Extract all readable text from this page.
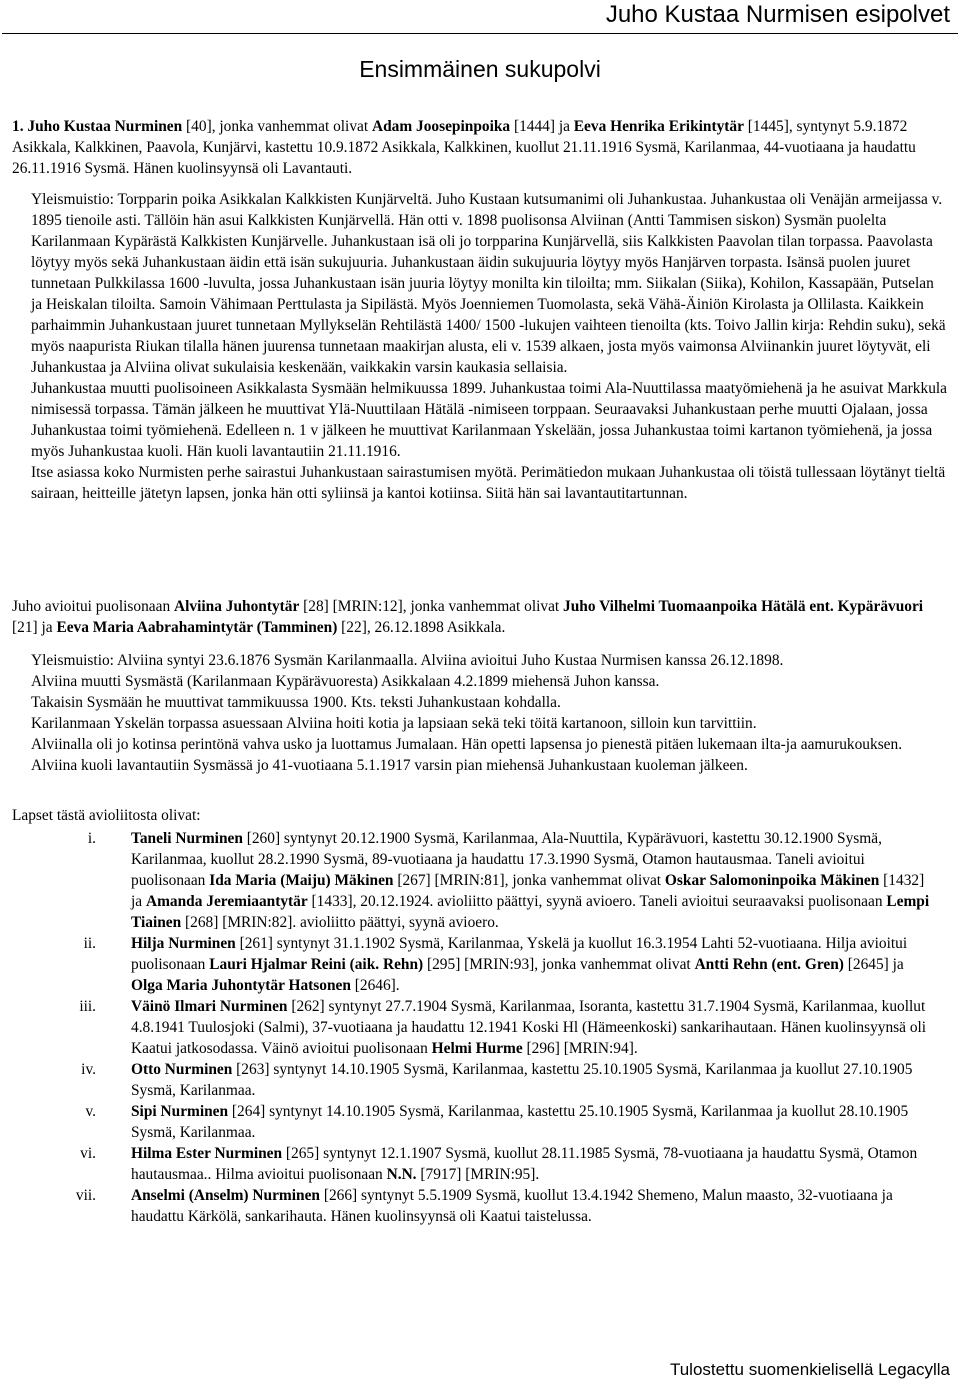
Juho Kustaa Nurmisen esipolvet
Ensimmäinen sukupolvi

1. Juho Kustaa Nurminen [40], jonka vanhemmat olivat Adam Joosepinpoika [1444] ja Eeva Henrika Erikintytär [1445], syntynyt 5.9.1872 Asikkala, Kalkkinen, Paavola, Kunjärvi, kastettu 10.9.1872 Asikkala, Kalkkinen, kuollut 21.11.1916 Sysmä, Karilanmaa, 44-vuotiaana ja haudattu 26.11.1916 Sysmä. Hänen kuolinsyynsä oli Lavantauti.

Yleismuistio: Torpparin poika Asikkalan Kalkkisten Kunjärveltä. Juho Kustaan kutsumanimi oli Juhankustaa. Juhankustaa oli Venäjän armeijassa v. 1895 tienoile asti. Tällöin hän asui Kalkkisten Kunjärvellä. Hän otti v. 1898 puolisonsa Alviinan (Antti Tammisen siskon) Sysmän puolelta Karilanmaan Kypärästä Kalkkisten Kunjärvelle. Juhankustaan isä oli jo torpparina Kunjärvellä, siis Kalkkisten Paavolan tilan torpassa. Paavolasta löytyy myös sekä Juhankustaan äidin että isän sukujuuria. Juhankustaan äidin sukujuuria löytyy myös Hanjärven torpasta. Isänsä puolen juuret tunnetaan Pulkkilassa 1600 -luvulta, jossa Juhankustaan isän juuria löytyy monilta kin tiloilta; mm. Siikalan (Siika), Kohilon, Kassapään, Putselan ja Heiskalan tiloilta. Samoin Vähimaan Perttulasta ja Sipilästä. Myös Joenniemen Tuomolasta, sekä Vähä-Äiniön Kirolasta ja Ollilasta. Kaikkein parhaimmin Juhankustaan juuret tunnetaan Myllykselän Rehtilästä 1400/ 1500 -lukujen vaihteen tienoilta (kts. Toivo Jallin kirja: Rehdin suku), sekä myös naapurista Riukan tilalla hänen juurensa tunnetaan maakirjan alusta, eli v. 1539 alkaen, josta myös vaimonsa Alviinankin juuret löytyvät, eli Juhankustaa ja Alviina olivat sukulaisia keskenään, vaikkakin varsin kaukasia sellaisia.

Juhankustaa muutti puolisoineen Asikkalasta Sysmään helmikuussa 1899. Juhankustaa toimi Ala-Nuuttilassa maatyömiehenä ja he asuivat Markkula nimisessä torpassa. Tämän jälkeen he muuttivat Ylä-Nuuttilaan Hätälä -nimiseen torppaan. Seuraavaksi Juhankustaan perhe muutti Ojalaan, jossa Juhankustaa toimi työmiehenä. Edelleen n. 1 v jälkeen he muuttivat Karilanmaan Yskelään, jossa Juhankustaa toimi kartanon työmiehenä, ja jossa myös Juhankustaa kuoli. Hän kuoli lavantautiin 21.11.1916.

Itse asiassa koko Nurmisten perhe sairastui Juhankustaan sairastumisen myötä. Perimätiedon mukaan Juhankustaa oli töistä tullessaan löytänyt tieltä sairaan, heitteille jätetyn lapsen, jonka hän otti syliinsä ja kantoi kotiinsa. Siitä hän sai lavantautitartunnan.

Juho avioitui puolisonaan Alviina Juhontytär [28] [MRIN:12], jonka vanhemmat olivat Juho Vilhelmi Tuomaanpoika Hätälä ent. Kypärävuori [21] ja Eeva Maria Aabrahamintytär (Tamminen) [22], 26.12.1898 Asikkala.

Yleismuistio: Alviina syntyi 23.6.1876 Sysmän Karilanmaalla. Alviina avioitui Juho Kustaa Nurmisen kanssa 26.12.1898.

Alviina muutti Sysmästä (Karilanmaan Kypärävuoresta) Asikkalaan 4.2.1899 miehensä Juhon kanssa.

Takaisin Sysmään he muuttivat tammikuussa 1900. Kts. teksti Juhankustaan kohdalla.

Karilanmaan Yskelän torpassa asuessaan Alviina hoiti kotia ja lapsiaan sekä teki töitä kartanoon, silloin kun tarvittiin.

Alviinalla oli jo kotinsa perintönä vahva usko ja luottamus Jumalaan. Hän opetti lapsensa jo pienestä pitäen lukemaan ilta-ja aamurukouksen.

Alviina kuoli lavantautiin Sysmässä jo 41-vuotiaana 5.1.1917 varsin pian miehensä Juhankustaan kuoleman jälkeen.

Lapset tästä avioliitosta olivat:

i. Taneli Nurminen [260] syntynyt 20.12.1900 Sysmä, Karilanmaa, Ala-Nuuttila, Kypärävuori, kastettu 30.12.1900 Sysmä, Karilanmaa, kuollut 28.2.1990 Sysmä, 89-vuotiaana ja haudattu 17.3.1990 Sysmä, Otamon hautausmaa. Taneli avioitui puolisonaan Ida Maria (Maiju) Mäkinen [267] [MRIN:81], jonka vanhemmat olivat Oskar Salomoninpoika Mäkinen [1432] ja Amanda Jeremiaantytär [1433], 20.12.1924. avioliitto päättyi, syynä avioero. Taneli avioitui seuraavaksi puolisonaan Lempi Tiainen [268] [MRIN:82]. avioliitto päättyi, syynä avioero.

ii. Hilja Nurminen [261] syntynyt 31.1.1902 Sysmä, Karilanmaa, Yskelä ja kuollut 16.3.1954 Lahti 52-vuotiaana. Hilja avioitui puolisonaan Lauri Hjalmar Reini (aik. Rehn) [295] [MRIN:93], jonka vanhemmat olivat Antti Rehn (ent. Gren) [2645] ja Olga Maria Juhontytär Hatsonen [2646].

iii. Väinö Ilmari Nurminen [262] syntynyt 27.7.1904 Sysmä, Karilanmaa, Isoranta, kastettu 31.7.1904 Sysmä, Karilanmaa, kuollut 4.8.1941 Tuulosjoki (Salmi), 37-vuotiaana ja haudattu 12.1941 Koski Hl (Hämeenkoski) sankarihautaan. Hänen kuolinsyynsä oli Kaatui jatkosodassa. Väinö avioitui puolisonaan Helmi Hurme [296] [MRIN:94].

iv. Otto Nurminen [263] syntynyt 14.10.1905 Sysmä, Karilanmaa, kastettu 25.10.1905 Sysmä, Karilanmaa ja kuollut 27.10.1905 Sysmä, Karilanmaa.

v. Sipi Nurminen [264] syntynyt 14.10.1905 Sysmä, Karilanmaa, kastettu 25.10.1905 Sysmä, Karilanmaa ja kuollut 28.10.1905 Sysmä, Karilanmaa.

vi. Hilma Ester Nurminen [265] syntynyt 12.1.1907 Sysmä, kuollut 28.11.1985 Sysmä, 78-vuotiaana ja haudattu Sysmä, Otamon hautausmaa.. Hilma avioitui puolisonaan N.N. [7917] [MRIN:95].

vii. Anselmi (Anselm) Nurminen [266] syntynyt 5.5.1909 Sysmä, kuollut 13.4.1942 Shemeno, Malun maasto, 32-vuotiaana ja haudattu Kärkölä, sankarihauta. Hänen kuolinsyynsä oli Kaatui taistelussa.

Tulostettu suomenkielisellä Legacylla
